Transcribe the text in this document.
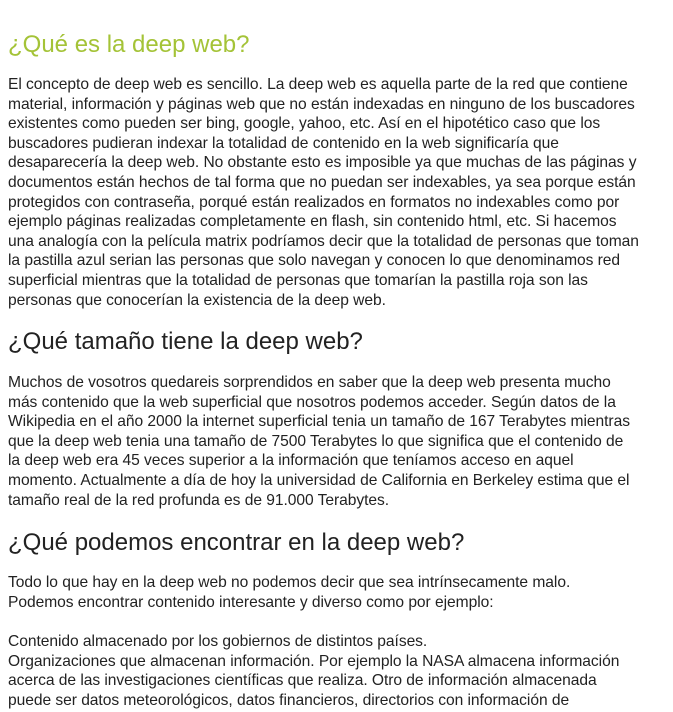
¿Qué es la deep web?

El concepto de deep web es sencillo. La deep web es aquella parte de la red que contiene
material, información y páginas web que no están indexadas en ninguno de los buscadores
existentes como pueden ser bing, google, yahoo, etc. Así en el hipotético caso que los
buscadores pudieran indexar la totalidad de contenido en la web significaría que
desaparecería la deep web. No obstante esto es imposible ya que muchas de las páginas y
documentos están hechos de tal forma que no puedan ser indexables, ya sea porque están
protegidos con contraseña, porqué están realizados en formatos no indexables como por
ejemplo páginas realizadas completamente en flash, sin contenido html, etc. Si hacemos
una analogía con la película matrix podríamos decir que la totalidad de personas que toman
la pastilla azul serian las personas que solo navegan y conocen lo que denominamos red
superficial mientras que la totalidad de personas que tomarían la pastilla roja son las
personas que conocerían la existencia de la deep web.

¿Qué tamaño tiene la deep web?

Muchos de vosotros quedareis sorprendidos en saber que la deep web presenta mucho
más contenido que la web superficial que nosotros podemos acceder. Según datos de la
Wikipedia en el año 2000 la internet superficial tenia un tamaño de 167 Terabytes mientras
que la deep web tenia una tamaño de 7500 Terabytes lo que significa que el contenido de
la deep web era 45 veces superior a la información que teníamos acceso en aquel
momento. Actualmente a día de hoy la universidad de California en Berkeley estima que el
tamaño real de la red profunda es de 91.000 Terabytes.

¿Qué podemos encontrar en la deep web?

Todo lo que hay en la deep web no podemos decir que sea intrínsecamente malo.
Podemos encontrar contenido interesante y diverso como por ejemplo:

Contenido almacenado por los gobiernos de distintos países.
Organizaciones que almacenan información. Por ejemplo la NASA almacena información
acerca de las investigaciones científicas que realiza. Otro de información almacenada
puede ser datos meteorológicos, datos financieros, directorios con información de
